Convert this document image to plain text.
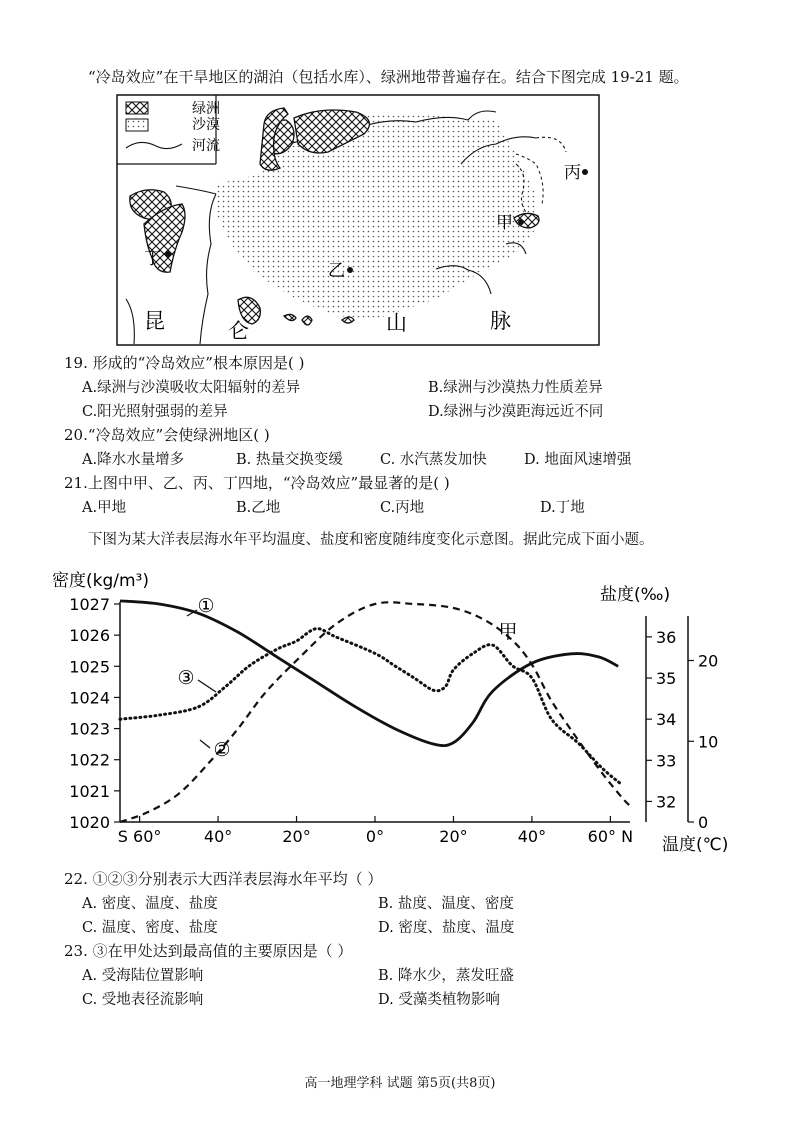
“冷岛效应”在干旱地区的湖泊（包括水库）、绿洲地带普遍存在。结合下图完成 19-21 题。
绿洲
沙漠
河流
丙
甲
乙
丁
昆	仑	山	脉
19. 形成的“冷岛效应”根本原因是( )
A.绿洲与沙漠吸收太阳辐射的差异	B.绿洲与沙漠热力性质差异
C.阳光照射强弱的差异	D.绿洲与沙漠距海远近不同
20.“冷岛效应”会使绿洲地区( )
A.降水水量增多	B. 热量交换变缓	C. 水汽蒸发加快	D. 地面风速增强
21.上图中甲、乙、丙、丁四地，“冷岛效应”最显著的是( )
A.甲地	B.乙地	C.丙地	D.丁地
下图为某大洋表层海水年平均温度、盐度和密度随纬度变化示意图。据此完成下面小题。
密度(kg/m³)
盐度(‰)
温度(℃)
1020
1021
1022
1023
1024
1025
1026
1027
S 60°	40°	20°	0°	20°	40°	60° N
32
33
34
35
36
0
10
20
①
③
②
甲
22. ①②③分别表示大西洋表层海水年平均（ ）
A. 密度、温度、盐度	B. 盐度、温度、密度
C. 温度、密度、盐度	D. 密度、盐度、温度
23. ③在甲处达到最高值的主要原因是（ ）
A. 受海陆位置影响	B. 降水少，蒸发旺盛
C. 受地表径流影响	D. 受藻类植物影响
高一地理学科 试题 第5页(共8页)
